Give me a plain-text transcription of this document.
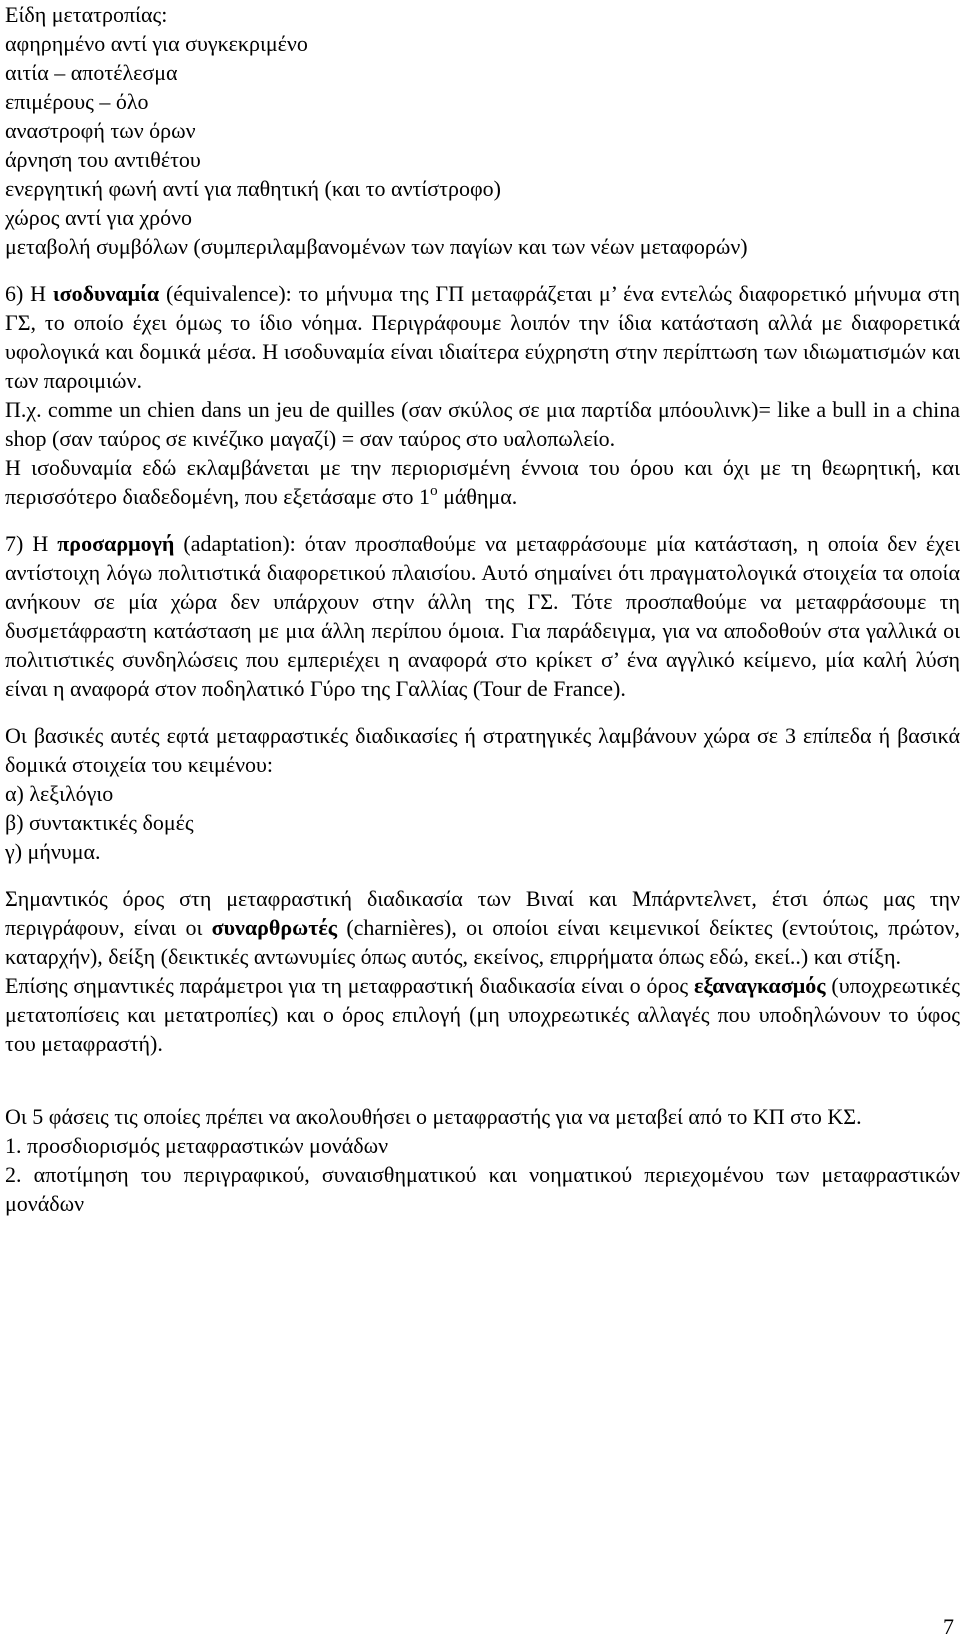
Είδη μετατροπίας:
αφηρημένο αντί για συγκεκριμένο
αιτία – αποτέλεσμα
επιμέρους – όλο
αναστροφή των όρων
άρνηση του αντιθέτου
ενεργητική φωνή αντί για παθητική (και το αντίστροφο)
χώρος αντί για χρόνο
μεταβολή συμβόλων (συμπεριλαμβανομένων των παγίων και των νέων μεταφορών)

6) Η ισοδυναμία (équivalence): το μήνυμα της ΓΠ μεταφράζεται μ’ ένα εντελώς διαφορετικό μήνυμα στη ΓΣ, το οποίο έχει όμως το ίδιο νόημα. Περιγράφουμε λοιπόν την ίδια κατάσταση αλλά με διαφορετικά υφολογικά και δομικά μέσα. Η ισοδυναμία είναι ιδιαίτερα εύχρηστη στην περίπτωση των ιδιωματισμών και των παροιμιών.

Π.χ. comme un chien dans un jeu de quilles (σαν σκύλος σε μια παρτίδα μπόουλινκ)= like a bull in a china shop (σαν ταύρος σε κινέζικο μαγαζί) = σαν ταύρος στο υαλοπωλείο.

Η ισοδυναμία εδώ εκλαμβάνεται με την περιορισμένη έννοια του όρου και όχι με τη θεωρητική, και περισσότερο διαδεδομένη, που εξετάσαμε στο $1^o$ μάθημα.

7) Η προσαρμογή (adaptation): όταν προσπαθούμε να μεταφράσουμε μία κατάσταση, η οποία δεν έχει αντίστοιχη λόγω πολιτιστικά διαφορετικού πλαισίου. Αυτό σημαίνει ότι πραγματολογικά στοιχεία τα οποία ανήκουν σε μία χώρα δεν υπάρχουν στην άλλη της ΓΣ. Τότε προσπαθούμε να μεταφράσουμε τη δυσμετάφραστη κατάσταση με μια άλλη περίπου όμοια. Για παράδειγμα, για να αποδοθούν στα γαλλικά οι πολιτιστικές συνδηλώσεις που εμπεριέχει η αναφορά στο κρίκετ σ’ ένα αγγλικό κείμενο, μία καλή λύση είναι η αναφορά στον ποδηλατικό Γύρο της Γαλλίας (Tour de France).

Οι βασικές αυτές εφτά μεταφραστικές διαδικασίες ή στρατηγικές λαμβάνουν χώρα σε 3 επίπεδα ή βασικά δομικά στοιχεία του κειμένου:

α) λεξιλόγιο
β) συντακτικές δομές
γ) μήνυμα.

Σημαντικός όρος στη μεταφραστική διαδικασία των Βιναί και Μπάρντελνετ, έτσι όπως μας την περιγράφουν, είναι οι συναρθρωτές (charnières), οι οποίοι είναι κειμενικοί δείκτες (εντούτοις, πρώτον, καταρχήν), δείξη (δεικτικές αντωνυμίες όπως αυτός, εκείνος, επιρρήματα όπως εδώ, εκεί..) και στίξη.

Επίσης σημαντικές παράμετροι για τη μεταφραστική διαδικασία είναι ο όρος εξαναγκασμός (υποχρεωτικές μετατοπίσεις και μετατροπίες) και ο όρος επιλογή (μη υποχρεωτικές αλλαγές που υποδηλώνουν το ύφος του μεταφραστή).

Οι 5 φάσεις τις οποίες πρέπει να ακολουθήσει ο μεταφραστής για να μεταβεί από το ΚΠ στο ΚΣ.

1. προσδιορισμός μεταφραστικών μονάδων

2. αποτίμηση του περιγραφικού, συναισθηματικού και νοηματικού περιεχομένου των μεταφραστικών μονάδων

7
